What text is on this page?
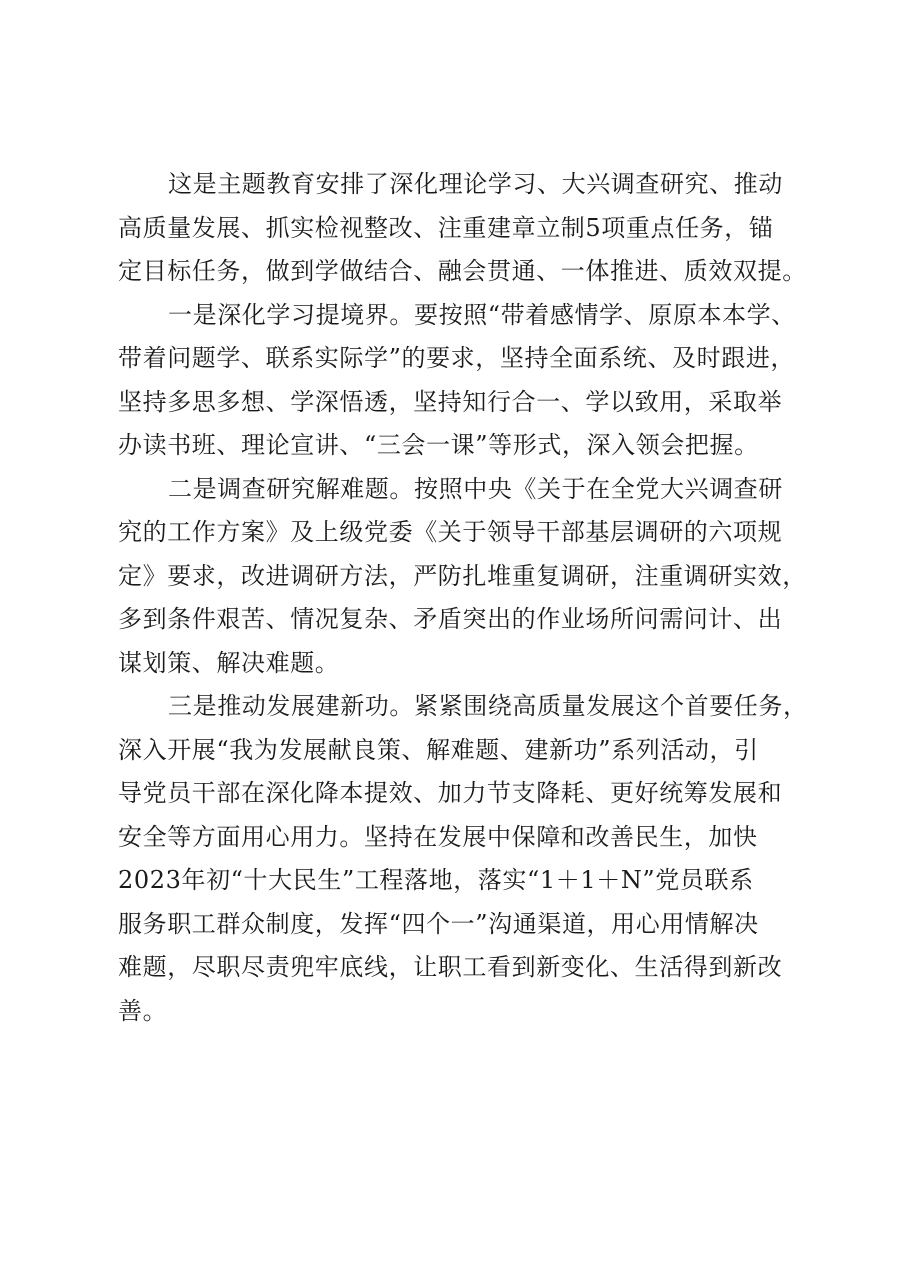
这是主题教育安排了深化理论学习、大兴调查研究、推动
高质量发展、抓实检视整改、注重建章立制5项重点任务，锚
定目标任务，做到学做结合、融会贯通、一体推进、质效双提。
一是深化学习提境界。要按照“带着感情学、原原本本学、
带着问题学、联系实际学”的要求，坚持全面系统、及时跟进，
坚持多思多想、学深悟透，坚持知行合一、学以致用，采取举
办读书班、理论宣讲、“三会一课”等形式，深入领会把握。
二是调查研究解难题。按照中央《关于在全党大兴调查研
究的工作方案》及上级党委《关于领导干部基层调研的六项规
定》要求，改进调研方法，严防扎堆重复调研，注重调研实效，
多到条件艰苦、情况复杂、矛盾突出的作业场所问需问计、出
谋划策、解决难题。
三是推动发展建新功。紧紧围绕高质量发展这个首要任务，
深入开展“我为发展献良策、解难题、建新功”系列活动，引
导党员干部在深化降本提效、加力节支降耗、更好统筹发展和
安全等方面用心用力。坚持在发展中保障和改善民生，加快
2023年初“十大民生”工程落地，落实“1＋1＋N”党员联系
服务职工群众制度，发挥“四个一”沟通渠道，用心用情解决
难题，尽职尽责兜牢底线，让职工看到新变化、生活得到新改
善。
